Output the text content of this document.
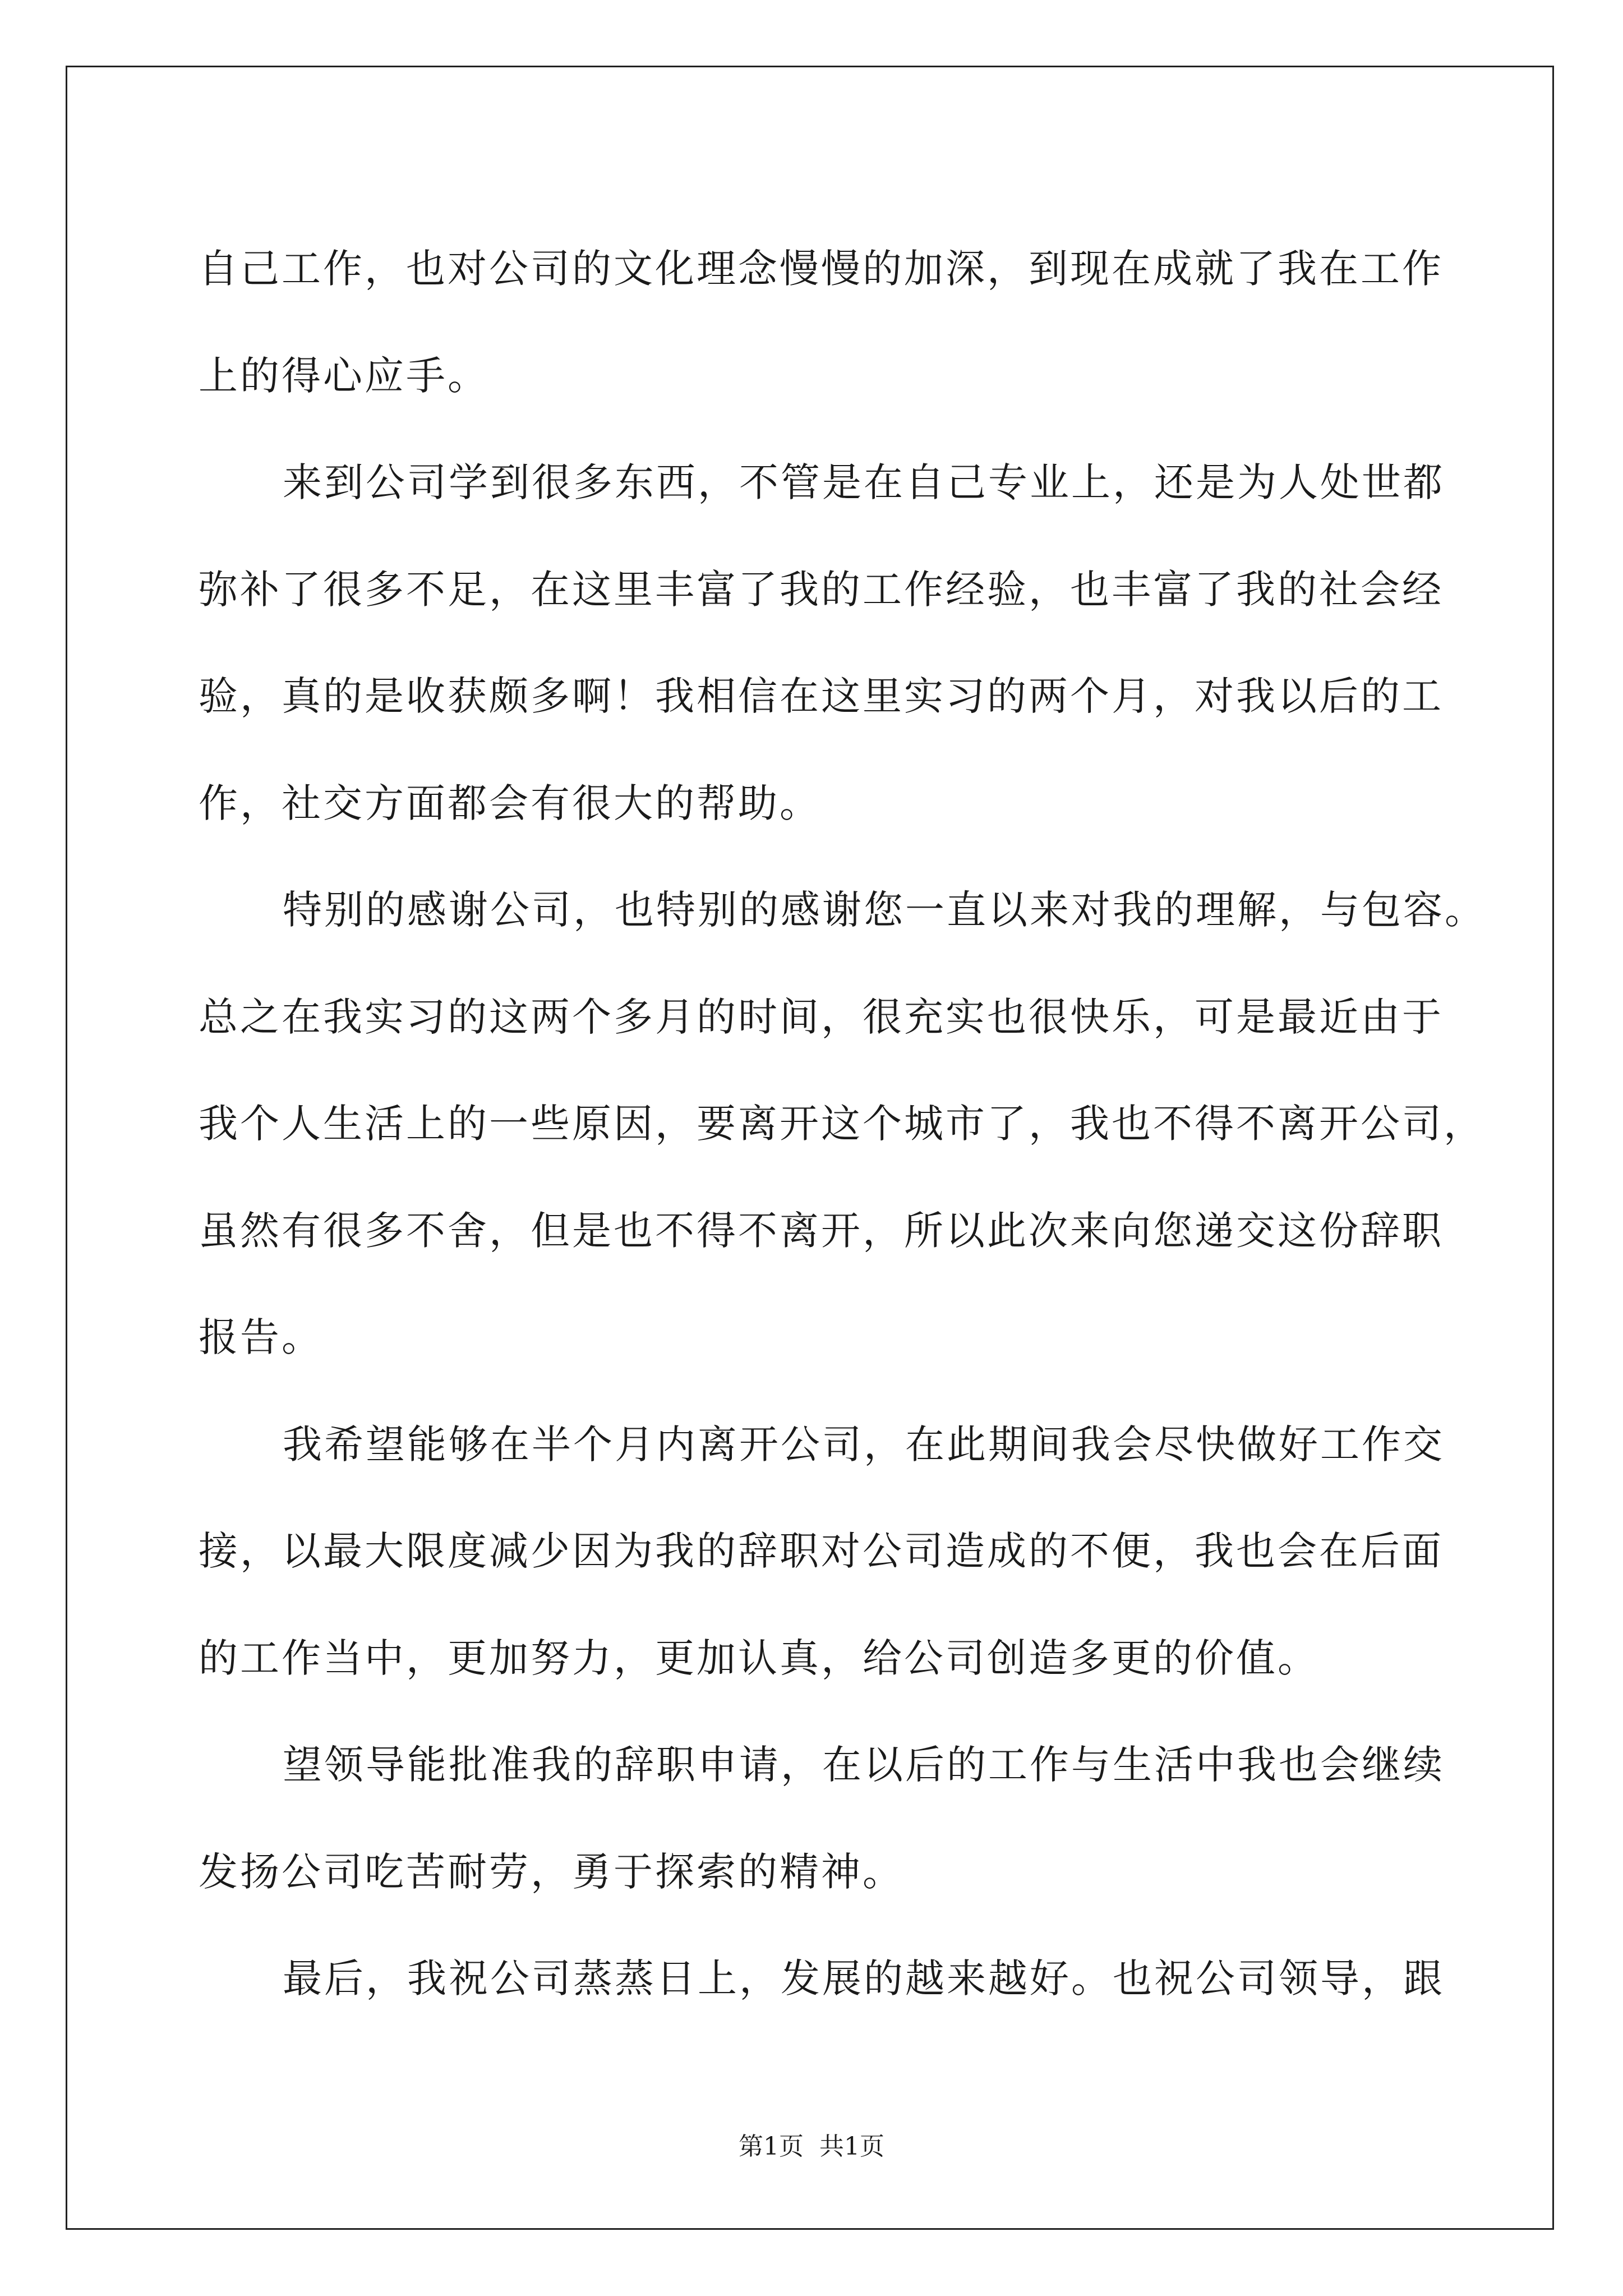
自己工作，也对公司的文化理念慢慢的加深，到现在成就了我在工作
上的得心应手。
来到公司学到很多东西，不管是在自己专业上，还是为人处世都
弥补了很多不足，在这里丰富了我的工作经验，也丰富了我的社会经
验，真的是收获颇多啊！我相信在这里实习的两个月，对我以后的工
作，社交方面都会有很大的帮助。
特别的感谢公司，也特别的感谢您一直以来对我的理解，与包容。
总之在我实习的这两个多月的时间，很充实也很快乐，可是最近由于
我个人生活上的一些原因，要离开这个城市了，我也不得不离开公司，
虽然有很多不舍，但是也不得不离开，所以此次来向您递交这份辞职
报告。
我希望能够在半个月内离开公司，在此期间我会尽快做好工作交
接，以最大限度减少因为我的辞职对公司造成的不便，我也会在后面
的工作当中，更加努力，更加认真，给公司创造多更的价值。
望领导能批准我的辞职申请，在以后的工作与生活中我也会继续
发扬公司吃苦耐劳，勇于探索的精神。
最后，我祝公司蒸蒸日上，发展的越来越好。也祝公司领导，跟
第1页 共1页
